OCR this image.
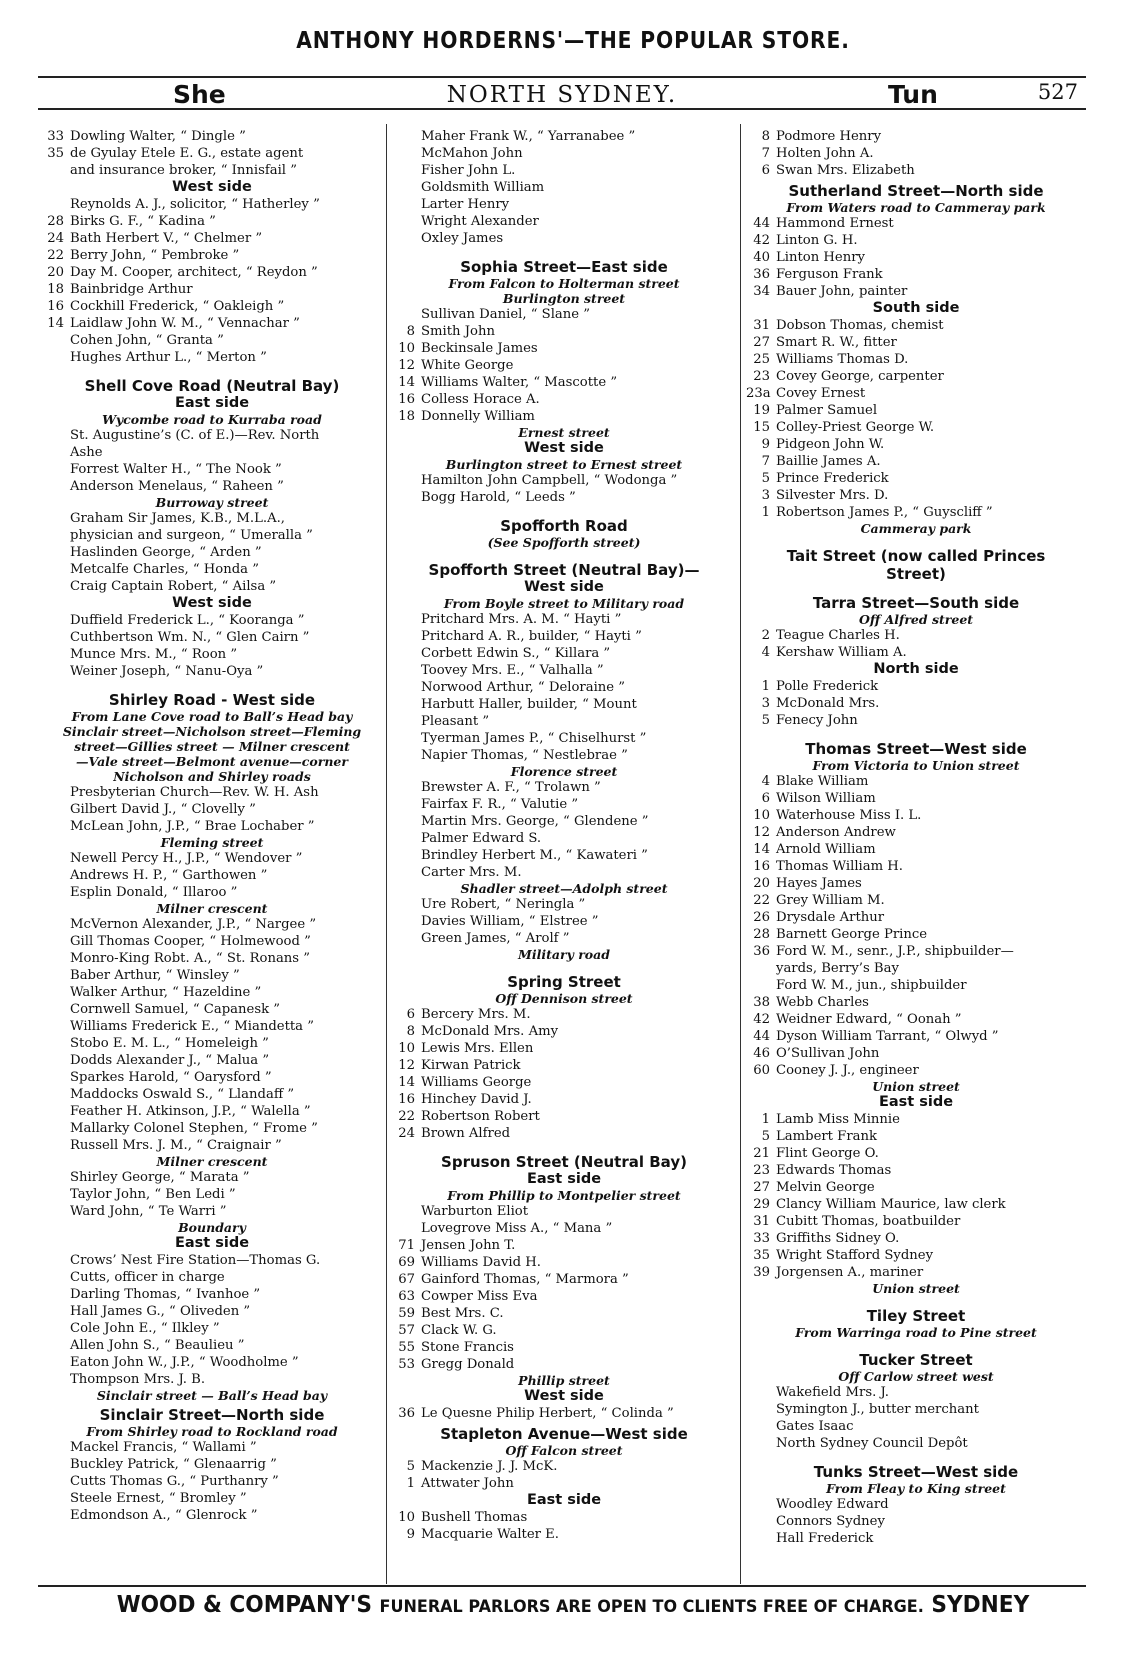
ANTHONY HORDERNS'—THE POPULAR STORE.
She	NORTH SYDNEY.	Tun	527
33 Dowling Walter, “ Dingle ”
35 de Gyulay Etele E. G., estate agent
and insurance broker, “ Innisfail ”
West side
Reynolds A. J., solicitor, “ Hatherley ”
28 Birks G. F., “ Kadina ”
24 Bath Herbert V., “ Chelmer ”
22 Berry John, “ Pembroke ”
20 Day M. Cooper, architect, “ Reydon ”
18 Bainbridge Arthur
16 Cockhill Frederick, “ Oakleigh ”
14 Laidlaw John W. M., “ Vennachar ”
Cohen John, “ Granta ”
Hughes Arthur L., “ Merton ”
Shell Cove Road (Neutral Bay)
East side
Wycombe road to Kurraba road
St. Augustine’s (C. of E.)—Rev. North
Ashe
Forrest Walter H., “ The Nook ”
Anderson Menelaus, “ Raheen ”
Burroway street
Graham Sir James, K.B., M.L.A.,
physician and surgeon, “ Umeralla ”
Haslinden George, “ Arden ”
Metcalfe Charles, “ Honda ”
Craig Captain Robert, “ Ailsa ”
West side
Duffield Frederick L., “ Kooranga ”
Cuthbertson Wm. N., “ Glen Cairn ”
Munce Mrs. M., “ Roon ”
Weiner Joseph, “ Nanu-Oya ”
Shirley Road - West side
From Lane Cove road to Ball’s Head bay
Sinclair street—Nicholson street—Fleming
street—Gillies street — Milner crescent
—Vale street—Belmont avenue—corner
Nicholson and Shirley roads
Presbyterian Church—Rev. W. H. Ash
Gilbert David J., “ Clovelly ”
McLean John, J.P., “ Brae Lochaber ”
Fleming street
Newell Percy H., J.P., “ Wendover ”
Andrews H. P., “ Garthowen ”
Esplin Donald, “ Illaroo ”
Milner crescent
McVernon Alexander, J.P., “ Nargee ”
Gill Thomas Cooper, “ Holmewood ”
Monro-King Robt. A., “ St. Ronans ”
Baber Arthur, “ Winsley ”
Walker Arthur, “ Hazeldine ”
Cornwell Samuel, “ Capanesk ”
Williams Frederick E., “ Miandetta ”
Stobo E. M. L., “ Homeleigh ”
Dodds Alexander J., “ Malua ”
Sparkes Harold, “ Oarysford ”
Maddocks Oswald S., “ Llandaff ”
Feather H. Atkinson, J.P., “ Walella ”
Mallarky Colonel Stephen, “ Frome ”
Russell Mrs. J. M., “ Craignair ”
Milner crescent
Shirley George, “ Marata ”
Taylor John, “ Ben Ledi ”
Ward John, “ Te Warri ”
Boundary
East side
Crows’ Nest Fire Station—Thomas G.
Cutts, officer in charge
Darling Thomas, “ Ivanhoe ”
Hall James G., “ Oliveden ”
Cole John E., “ Ilkley ”
Allen John S., “ Beaulieu ”
Eaton John W., J.P., “ Woodholme ”
Thompson Mrs. J. B.
Sinclair street — Ball’s Head bay
Sinclair Street—North side
From Shirley road to Rockland road
Mackel Francis, “ Wallami ”
Buckley Patrick, “ Glenaarrig ”
Cutts Thomas G., “ Purthanry ”
Steele Ernest, “ Bromley ”
Edmondson A., “ Glenrock ”
Maher Frank W., “ Yarranabee ”
McMahon John
Fisher John L.
Goldsmith William
Larter Henry
Wright Alexander
Oxley James
Sophia Street—East side
From Falcon to Holterman street
Burlington street
Sullivan Daniel, “ Slane ”
8 Smith John
10 Beckinsale James
12 White George
14 Williams Walter, “ Mascotte ”
16 Colless Horace A.
18 Donnelly William
Ernest street
West side
Burlington street to Ernest street
Hamilton John Campbell, “ Wodonga ”
Bogg Harold, “ Leeds ”
Spofforth Road
(See Spofforth street)
Spofforth Street (Neutral Bay)—
West side
From Boyle street to Military road
Pritchard Mrs. A. M. “ Hayti ”
Pritchard A. R., builder, “ Hayti ”
Corbett Edwin S., “ Killara ”
Toovey Mrs. E., “ Valhalla ”
Norwood Arthur, “ Deloraine ”
Harbutt Haller, builder, “ Mount
Pleasant ”
Tyerman James P., “ Chiselhurst ”
Napier Thomas, “ Nestlebrae ”
Florence street
Brewster A. F., “ Trolawn ”
Fairfax F. R., “ Valutie ”
Martin Mrs. George, “ Glendene ”
Palmer Edward S.
Brindley Herbert M., “ Kawateri ”
Carter Mrs. M.
Shadler street—Adolph street
Ure Robert, “ Neringla ”
Davies William, “ Elstree ”
Green James, “ Arolf ”
Military road
Spring Street
Off Dennison street
6 Bercery Mrs. M.
8 McDonald Mrs. Amy
10 Lewis Mrs. Ellen
12 Kirwan Patrick
14 Williams George
16 Hinchey David J.
22 Robertson Robert
24 Brown Alfred
Spruson Street (Neutral Bay)
East side
From Phillip to Montpelier street
Warburton Eliot
Lovegrove Miss A., “ Mana ”
71 Jensen John T.
69 Williams David H.
67 Gainford Thomas, “ Marmora ”
63 Cowper Miss Eva
59 Best Mrs. C.
57 Clack W. G.
55 Stone Francis
53 Gregg Donald
Phillip street
West side
36 Le Quesne Philip Herbert, “ Colinda ”
Stapleton Avenue—West side
Off Falcon street
5 Mackenzie J. J. McK.
1 Attwater John
East side
10 Bushell Thomas
9 Macquarie Walter E.
8 Podmore Henry
7 Holten John A.
6 Swan Mrs. Elizabeth
Sutherland Street—North side
From Waters road to Cammeray park
44 Hammond Ernest
42 Linton G. H.
40 Linton Henry
36 Ferguson Frank
34 Bauer John, painter
South side
31 Dobson Thomas, chemist
27 Smart R. W., fitter
25 Williams Thomas D.
23 Covey George, carpenter
23a Covey Ernest
19 Palmer Samuel
15 Colley-Priest George W.
9 Pidgeon John W.
7 Baillie James A.
5 Prince Frederick
3 Silvester Mrs. D.
1 Robertson James P., “ Guyscliff ”
Cammeray park
Tait Street (now called Princes
Street)
Tarra Street—South side
Off Alfred street
2 Teague Charles H.
4 Kershaw William A.
North side
1 Polle Frederick
3 McDonald Mrs.
5 Fenecy John
Thomas Street—West side
From Victoria to Union street
4 Blake William
6 Wilson William
10 Waterhouse Miss I. L.
12 Anderson Andrew
14 Arnold William
16 Thomas William H.
20 Hayes James
22 Grey William M.
26 Drysdale Arthur
28 Barnett George Prince
36 Ford W. M., senr., J.P., shipbuilder—
yards, Berry’s Bay
Ford W. M., jun., shipbuilder
38 Webb Charles
42 Weidner Edward, “ Oonah ”
44 Dyson William Tarrant, “ Olwyd ”
46 O’Sullivan John
60 Cooney J. J., engineer
Union street
East side
1 Lamb Miss Minnie
5 Lambert Frank
21 Flint George O.
23 Edwards Thomas
27 Melvin George
29 Clancy William Maurice, law clerk
31 Cubitt Thomas, boatbuilder
33 Griffiths Sidney O.
35 Wright Stafford Sydney
39 Jorgensen A., mariner
Union street
Tiley Street
From Warringa road to Pine street
Tucker Street
Off Carlow street west
Wakefield Mrs. J.
Symington J., butter merchant
Gates Isaac
North Sydney Council Depôt
Tunks Street—West side
From Fleay to King street
Woodley Edward
Connors Sydney
Hall Frederick
WOOD & COMPANY'S FUNERAL PARLORS ARE OPEN TO CLIENTS FREE OF CHARGE. SYDNEY
